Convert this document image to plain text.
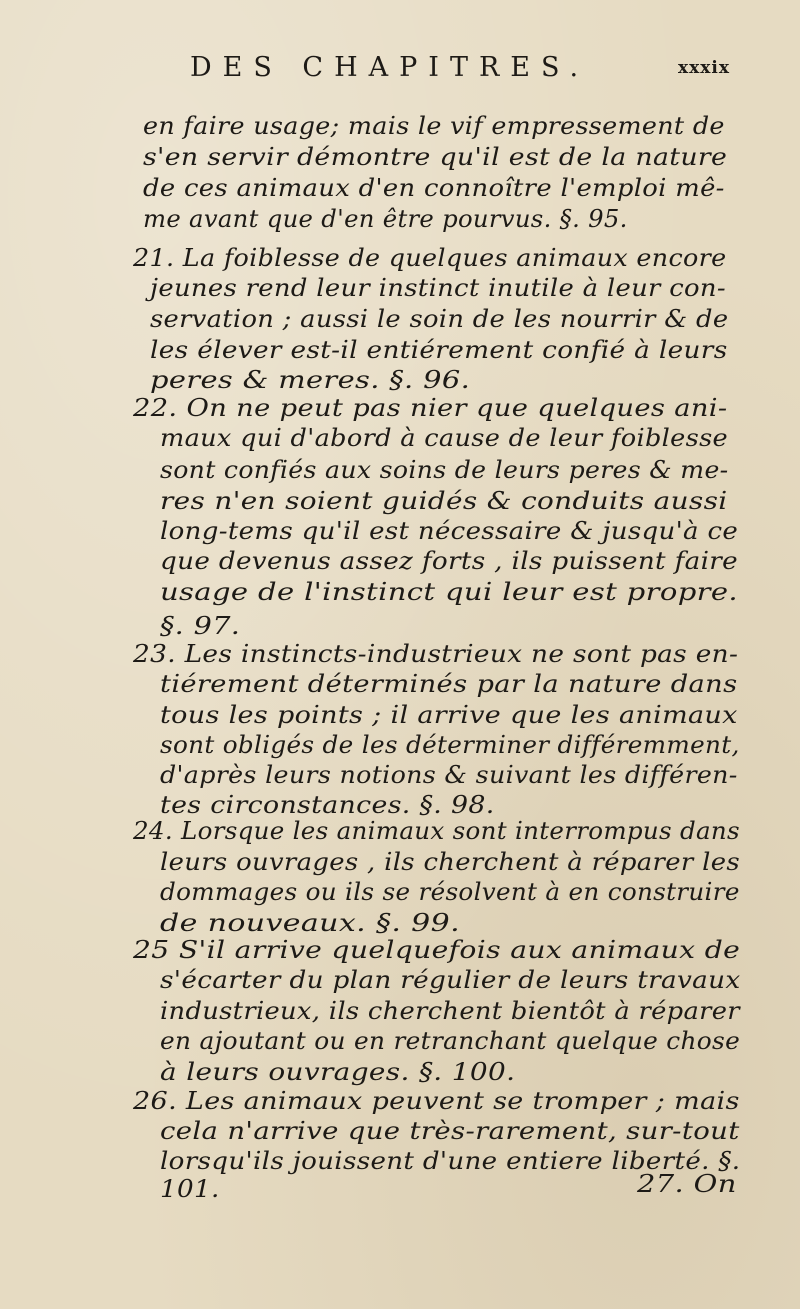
DES CHAPITRES.	xxxix
en faire usage; mais le vif empressement de
s'en servir démontre qu'il est de la nature
de ces animaux d'en connoître l'emploi mê-
me avant que d'en être pourvus. §. 95.
21. La foiblesse de quelques animaux encore
jeunes rend leur instinct inutile à leur con-
servation ; aussi le soin de les nourrir & de
les élever est-il entiérement confié à leurs
peres & meres. §. 96.
22. On ne peut pas nier que quelques ani-
maux qui d'abord à cause de leur foiblesse
sont confiés aux soins de leurs peres & me-
res n'en soient guidés & conduits aussi
long-tems qu'il est nécessaire & jusqu'à ce
que devenus assez forts , ils puissent faire
usage de l'instinct qui leur est propre.
§. 97.
23. Les instincts-industrieux ne sont pas en-
tiérement déterminés par la nature dans
tous les points ; il arrive que les animaux
sont obligés de les déterminer différemment,
d'après leurs notions & suivant les différen-
tes circonstances. §. 98.
24. Lorsque les animaux sont interrompus dans
leurs ouvrages , ils cherchent à réparer les
dommages ou ils se résolvent à en construire
de nouveaux. §. 99.
25 S'il arrive quelquefois aux animaux de
s'écarter du plan régulier de leurs travaux
industrieux, ils cherchent bientôt à réparer
en ajoutant ou en retranchant quelque chose
à leurs ouvrages. §. 100.
26. Les animaux peuvent se tromper ; mais
cela n'arrive que très-rarement, sur-tout
lorsqu'ils jouissent d'une entiere liberté. §.
101.	27. On
